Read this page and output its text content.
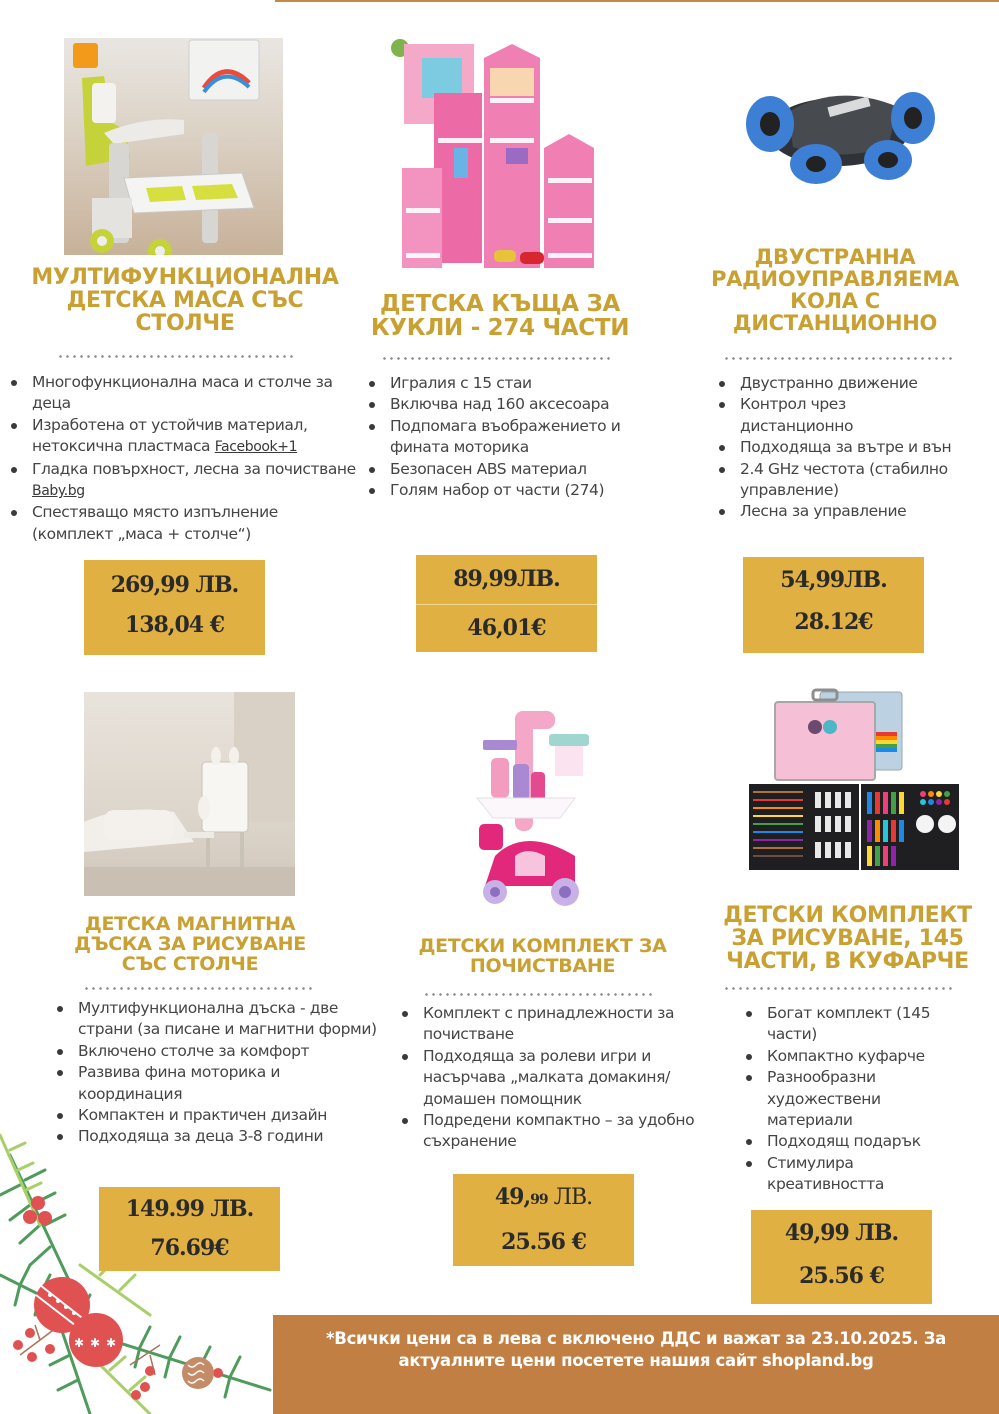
МУЛТИФУНКЦИОНАЛНА
ДЕТСКА МАСА СЪС
СТОЛЧЕ
Многофункционална маса и столче за деца
Изработена от устойчив материал, нетоксична пластмаса Facebook+1
Гладка повърхност, лесна за почистване Baby.bg
Спестяващо място изпълнение (комплект „маса + столче“)
269,99 ЛВ.
138,04 €
ДЕТСКА КЪЩА ЗА
КУКЛИ - 274 ЧАСТИ
Игралия с 15 стаи
Включва над 160 аксесоара
Подпомага въображението и фината моторика
Безопасен ABS материал
Голям набор от части (274)
89,99ЛВ.
46,01€
ДВУСТРАННА
РАДИОУПРАВЛЯЕМА
КОЛА С
ДИСТАНЦИОННО
Двустранно движение
Контрол чрез дистанционно
Подходяща за вътре и вън
2.4 GHz честота (стабилно управление)
Лесна за управление
54,99ЛВ.
28.12€
ДЕТСКА МАГНИТНА
ДЪСКА ЗА РИСУВАНЕ
СЪС СТОЛЧЕ
Мултифункционална дъска - две страни (за писане и магнитни форми)
Включено столче за комфорт
Развива фина моторика и координация
Компактен и практичен дизайн
Подходяща за деца 3-8 години
✱ ✱ ✱
149.99 ЛВ.
76.69€
ДЕТСКИ КОМПЛЕКТ ЗА
ПОЧИСТВАНЕ
Комплект с принадлежности за почистване
Подходяща за ролеви игри и насърчава „малката домакиня/ домашен помощник
Подредени компактно – за удобно съхранение
49,99 ЛВ.
25.56 €
ДЕТСКИ КОМПЛЕКТ
ЗА РИСУВАНЕ, 145
ЧАСТИ, В КУФАРЧЕ
Богат комплект (145 части)
Компактно куфарче
Разнообразни художествени материали
Подходящ подарък
Стимулира креативността
49,99 ЛВ.
25.56 €
*Всички цени са в лева с включено ДДС и важат за 23.10.2025. За
актуалните цени посетете нашия сайт shopland.bg
